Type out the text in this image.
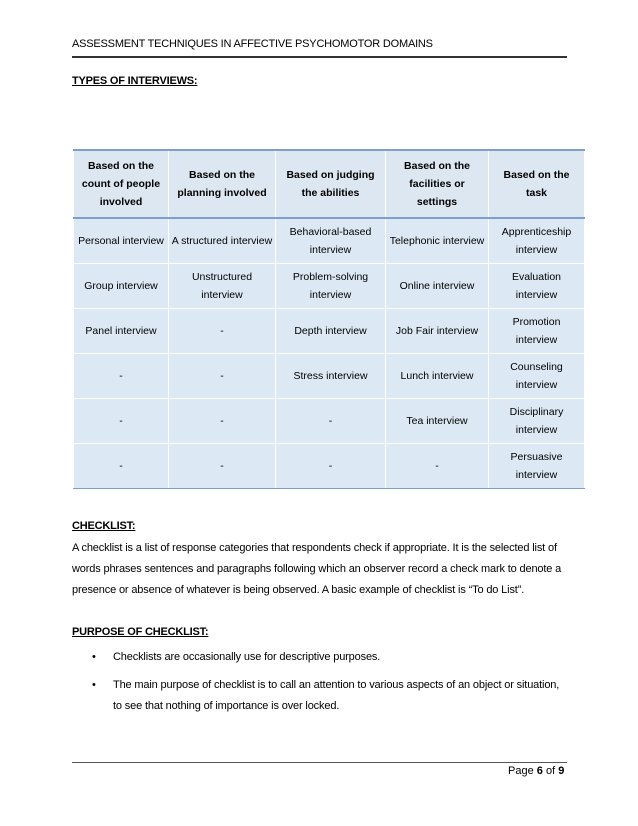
ASSESSMENT TECHNIQUES IN AFFECTIVE PSYCHOMOTOR DOMAINS
TYPES OF INTERVIEWS:
Based on the count of people involved	Based on the planning involved	Based on judging the abilities	Based on the facilities or settings	Based on the task
Personal interview	A structured interview	Behavioral-based interview	Telephonic interview	Apprenticeship interview
Group interview	Unstructured interview	Problem-solving interview	Online interview	Evaluation interview
Panel interview	-	Depth interview	Job Fair interview	Promotion interview
-	-	Stress interview	Lunch interview	Counseling interview
-	-	-	Tea interview	Disciplinary interview
-	-	-	-	Persuasive interview
CHECKLIST:
A checklist is a list of response categories that respondents check if appropriate. It is the selected list of words phrases sentences and paragraphs following which an observer record a check mark to denote a presence or absence of whatever is being observed. A basic example of checklist is “To do List”.
PURPOSE OF CHECKLIST:
• Checklists are occasionally use for descriptive purposes.
• The main purpose of checklist is to call an attention to various aspects of an object or situation, to see that nothing of importance is over locked.
Page 6 of 9
